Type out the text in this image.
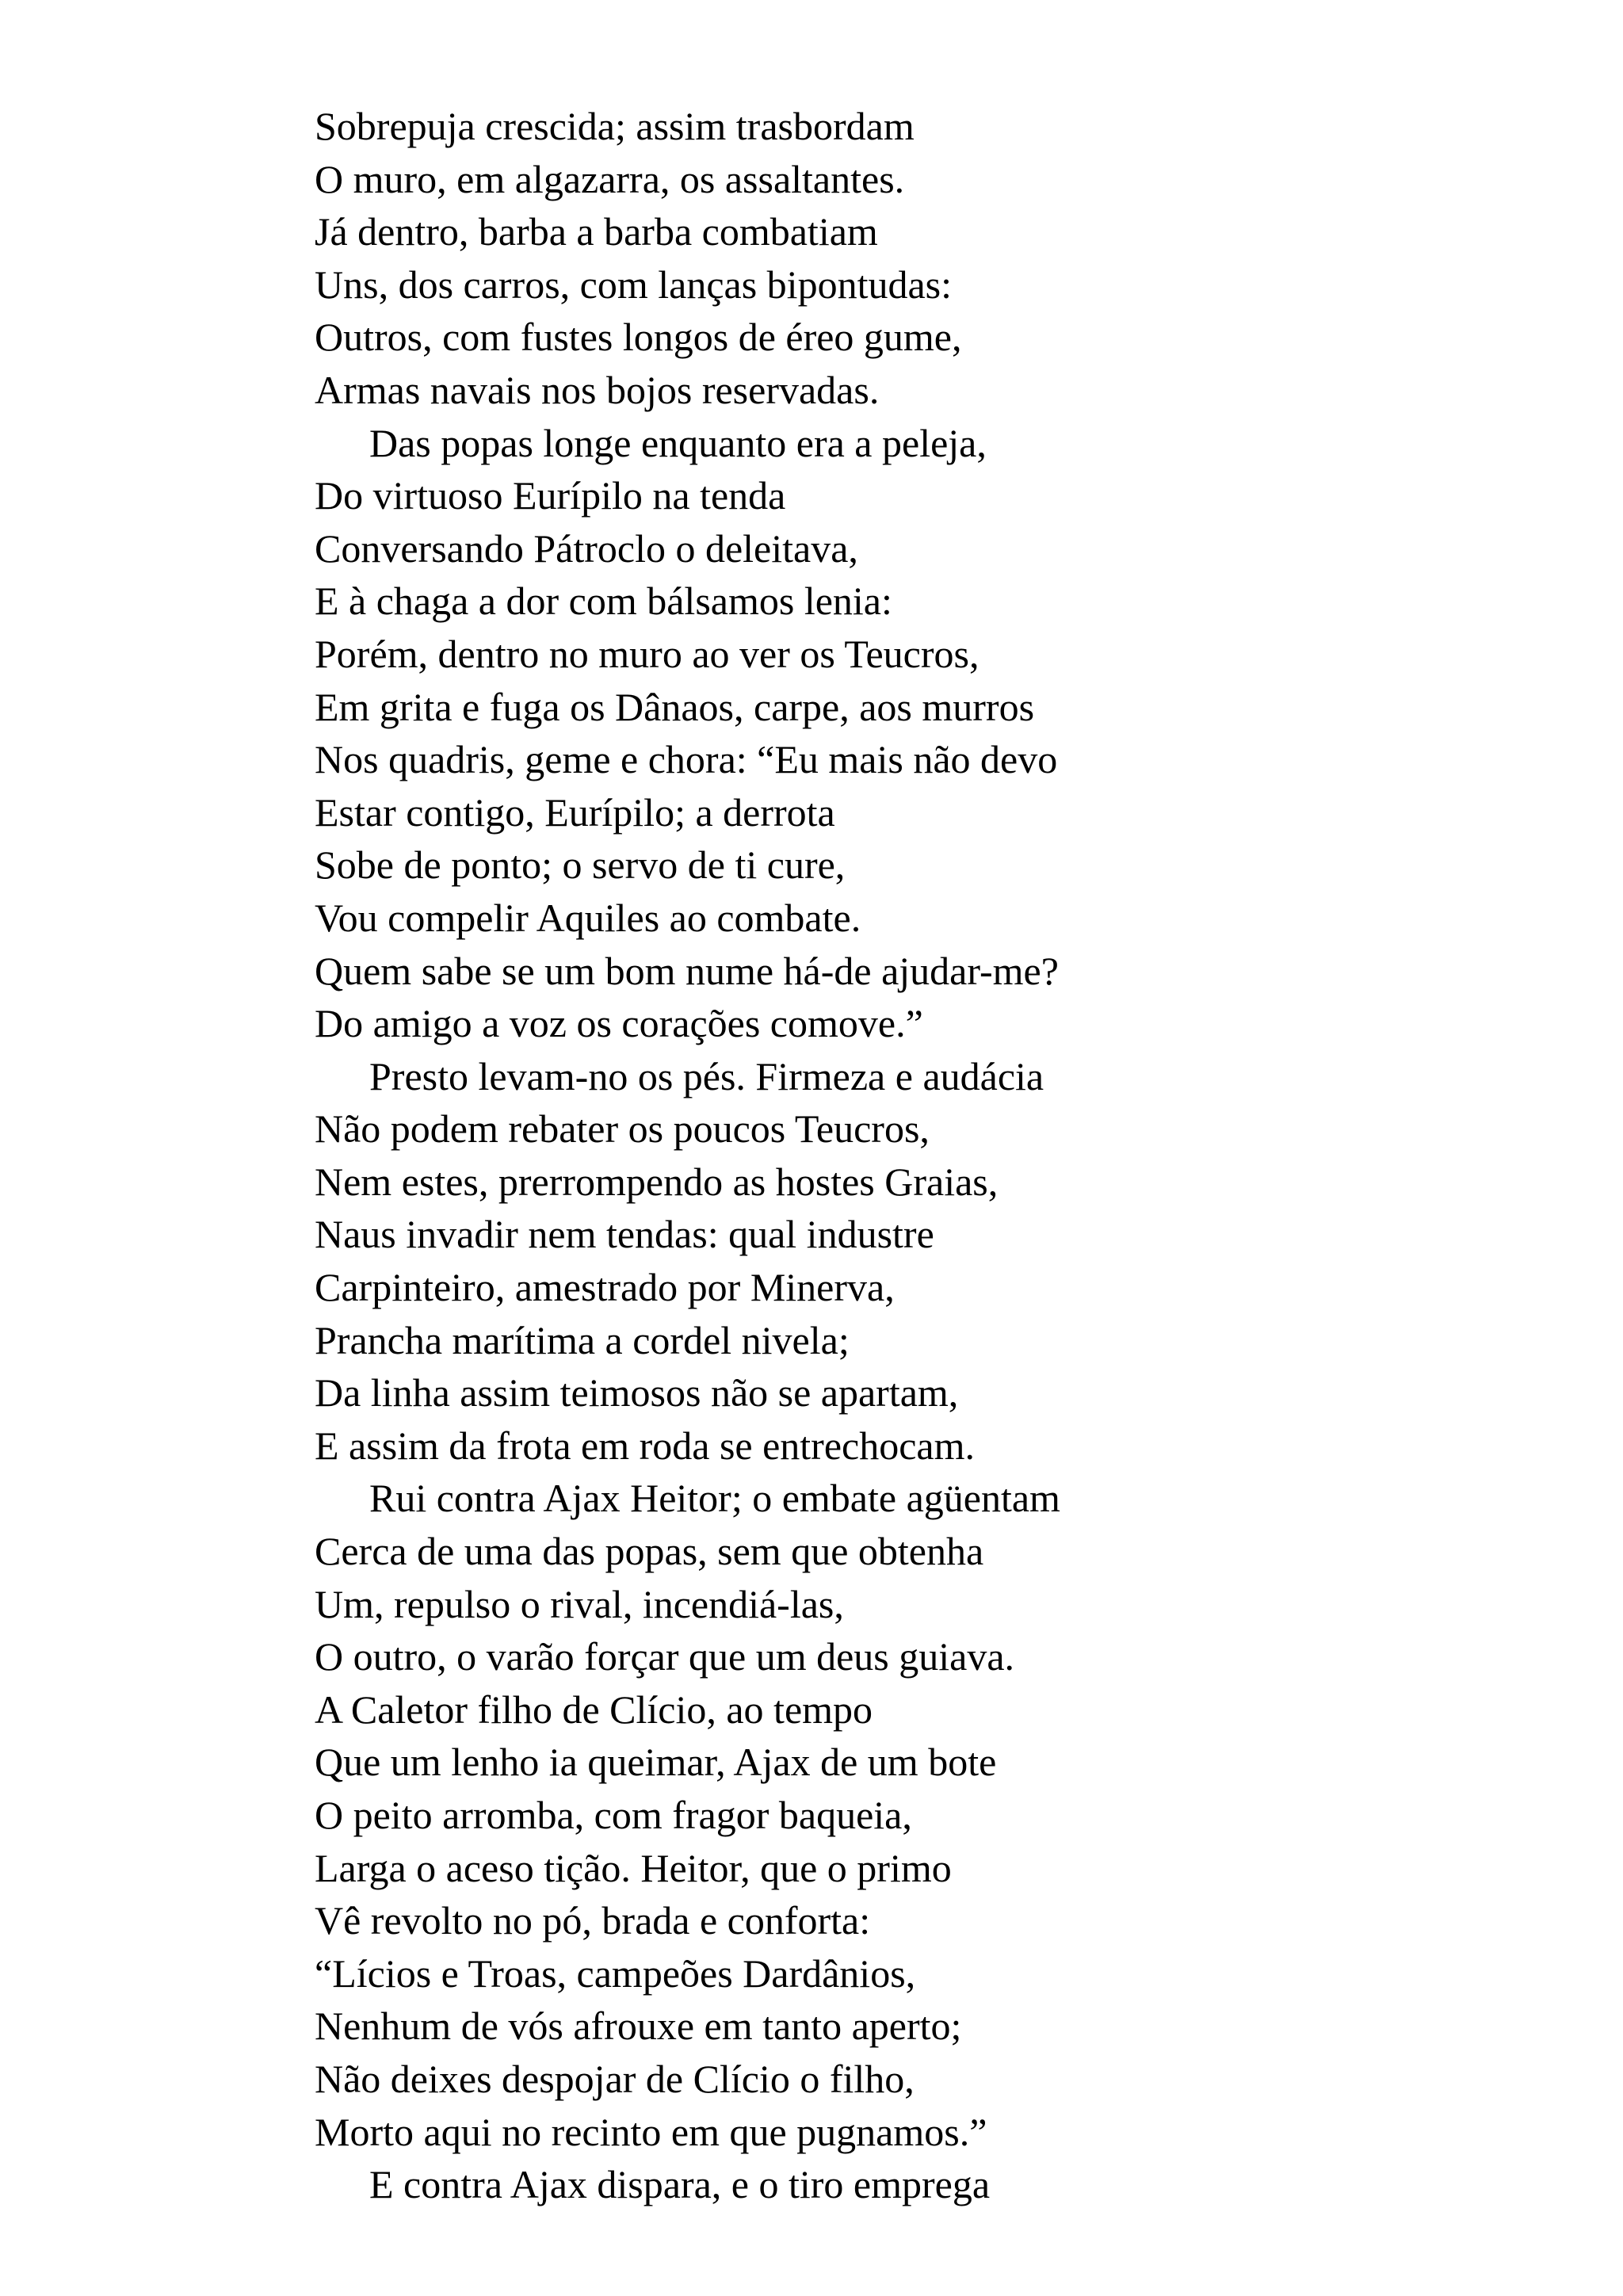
Sobrepuja crescida; assim trasbordam
O muro, em algazarra, os assaltantes.
Já dentro, barba a barba combatiam
Uns, dos carros, com lanças bipontudas:
Outros, com fustes longos de éreo gume,
Armas navais nos bojos reservadas.
Das popas longe enquanto era a peleja,
Do virtuoso Eurípilo na tenda
Conversando Pátroclo o deleitava,
E à chaga a dor com bálsamos lenia:
Porém, dentro no muro ao ver os Teucros,
Em grita e fuga os Dânaos, carpe, aos murros
Nos quadris, geme e chora: “Eu mais não devo
Estar contigo, Eurípilo; a derrota
Sobe de ponto; o servo de ti cure,
Vou compelir Aquiles ao combate.
Quem sabe se um bom nume há-de ajudar-me?
Do amigo a voz os corações comove.”
Presto levam-no os pés. Firmeza e audácia
Não podem rebater os poucos Teucros,
Nem estes, prerrompendo as hostes Graias,
Naus invadir nem tendas: qual industre
Carpinteiro, amestrado por Minerva,
Prancha marítima a cordel nivela;
Da linha assim teimosos não se apartam,
E assim da frota em roda se entrechocam.
Rui contra Ajax Heitor; o embate agüentam
Cerca de uma das popas, sem que obtenha
Um, repulso o rival, incendiá-las,
O outro, o varão forçar que um deus guiava.
A Caletor filho de Clício, ao tempo
Que um lenho ia queimar, Ajax de um bote
O peito arromba, com fragor baqueia,
Larga o aceso tição. Heitor, que o primo
Vê revolto no pó, brada e conforta:
“Lícios e Troas, campeões Dardânios,
Nenhum de vós afrouxe em tanto aperto;
Não deixes despojar de Clício o filho,
Morto aqui no recinto em que pugnamos.”
E contra Ajax dispara, e o tiro emprega
